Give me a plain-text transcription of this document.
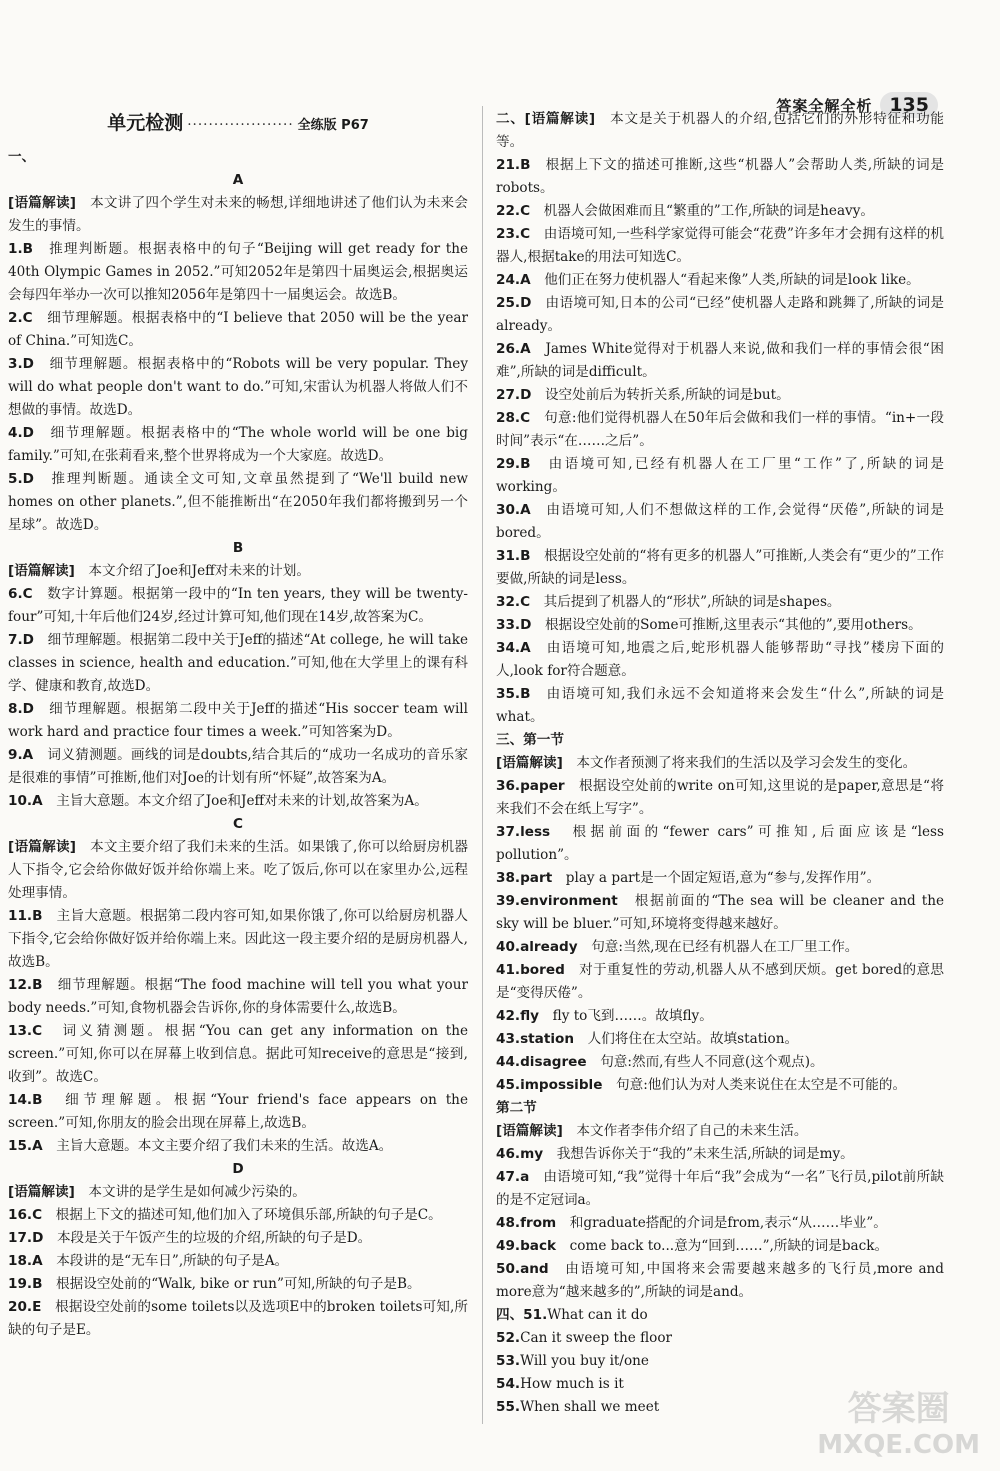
答案全解全析 135
单元检测 ···················· 全练版 P67
一、
A
[语篇解读]　本文讲了四个学生对未来的畅想,详细地讲述了他们认为未来会发生的事情。
1.B　推理判断题。根据表格中的句子“Beijing will get ready for the 40th Olympic Games in 2052.”可知2052年是第四十届奥运会,根据奥运会每四年举办一次可以推知2056年是第四十一届奥运会。故选B。
2.C　细节理解题。根据表格中的“I believe that 2050 will be the year of China.”可知选C。
3.D　细节理解题。根据表格中的“Robots will be very popular. They will do what people don't want to do.”可知,宋雷认为机器人将做人们不想做的事情。故选D。
4.D　细节理解题。根据表格中的“The whole world will be one big family.”可知,在张莉看来,整个世界将成为一个大家庭。故选D。
5.D　推理判断题。通读全文可知,文章虽然提到了“We'll build new homes on other planets.”,但不能推断出“在2050年我们都将搬到另一个星球”。故选D。
B
[语篇解读]　本文介绍了Joe和Jeff对未来的计划。
6.C　数字计算题。根据第一段中的“In ten years, they will be twenty-four”可知,十年后他们24岁,经过计算可知,他们现在14岁,故答案为C。
7.D　细节理解题。根据第二段中关于Jeff的描述“At college, he will take classes in science, health and education.”可知,他在大学里上的课有科学、健康和教育,故选D。
8.D　细节理解题。根据第二段中关于Jeff的描述“His soccer team will work hard and practice four times a week.”可知答案为D。
9.A　词义猜测题。画线的词是doubts,结合其后的“成功一名成功的音乐家是很难的事情”可推断,他们对Joe的计划有所“怀疑”,故答案为A。
10.A　主旨大意题。本文介绍了Joe和Jeff对未来的计划,故答案为A。
C
[语篇解读]　本文主要介绍了我们未来的生活。如果饿了,你可以给厨房机器人下指令,它会给你做好饭并给你端上来。吃了饭后,你可以在家里办公,远程处理事情。
11.B　主旨大意题。根据第二段内容可知,如果你饿了,你可以给厨房机器人下指令,它会给你做好饭并给你端上来。因此这一段主要介绍的是厨房机器人,故选B。
12.B　细节理解题。根据“The food machine will tell you what your body needs.”可知,食物机器会告诉你,你的身体需要什么,故选B。
13.C　词义猜测题。根据“You can get any information on the screen.”可知,你可以在屏幕上收到信息。据此可知receive的意思是“接到,收到”。故选C。
14.B　细节理解题。根据“Your friend's face appears on the screen.”可知,你朋友的脸会出现在屏幕上,故选B。
15.A　主旨大意题。本文主要介绍了我们未来的生活。故选A。
D
[语篇解读]　本文讲的是学生是如何减少污染的。
16.C　根据上下文的描述可知,他们加入了环境俱乐部,所缺的句子是C。
17.D　本段是关于午饭产生的垃圾的介绍,所缺的句子是D。
18.A　本段讲的是“无车日”,所缺的句子是A。
19.B　根据设空处前的“Walk, bike or run”可知,所缺的句子是B。
20.E　根据设空处前的some toilets以及选项E中的broken toilets可知,所缺的句子是E。
二、[语篇解读]　本文是关于机器人的介绍,包括它们的外形特征和功能等。
21.B　根据上下文的描述可推断,这些“机器人”会帮助人类,所缺的词是robots。
22.C　机器人会做困难而且“繁重的”工作,所缺的词是heavy。
23.C　由语境可知,一些科学家觉得可能会“花费”许多年才会拥有这样的机器人,根据take的用法可知选C。
24.A　他们正在努力使机器人“看起来像”人类,所缺的词是look like。
25.D　由语境可知,日本的公司“已经”使机器人走路和跳舞了,所缺的词是already。
26.A　James White觉得对于机器人来说,做和我们一样的事情会很“困难”,所缺的词是difficult。
27.D　设空处前后为转折关系,所缺的词是but。
28.C　句意:他们觉得机器人在50年后会做和我们一样的事情。“in+一段时间”表示“在……之后”。
29.B　由语境可知,已经有机器人在工厂里“工作”了,所缺的词是working。
30.A　由语境可知,人们不想做这样的工作,会觉得“厌倦”,所缺的词是bored。
31.B　根据设空处前的“将有更多的机器人”可推断,人类会有“更少的”工作要做,所缺的词是less。
32.C　其后提到了机器人的“形状”,所缺的词是shapes。
33.D　根据设空处前的Some可推断,这里表示“其他的”,要用others。
34.A　由语境可知,地震之后,蛇形机器人能够帮助“寻找”楼房下面的人,look for符合题意。
35.B　由语境可知,我们永远不会知道将来会发生“什么”,所缺的词是what。
三、第一节
[语篇解读]　本文作者预测了将来我们的生活以及学习会发生的变化。
36.paper　根据设空处前的write on可知,这里说的是paper,意思是“将来我们不会在纸上写字”。
37.less　根据前面的“fewer cars”可推知,后面应该是“less pollution”。
38.part　play a part是一个固定短语,意为“参与,发挥作用”。
39.environment　根据前面的“The sea will be cleaner and the sky will be bluer.”可知,环境将变得越来越好。
40.already　句意:当然,现在已经有机器人在工厂里工作。
41.bored　对于重复性的劳动,机器人从不感到厌烦。get bored的意思是“变得厌倦”。
42.fly　fly to飞到……。故填fly。
43.station　人们将住在太空站。故填station。
44.disagree　句意:然而,有些人不同意(这个观点)。
45.impossible　句意:他们认为对人类来说住在太空是不可能的。
第二节
[语篇解读]　本文作者李伟介绍了自己的未来生活。
46.my　我想告诉你关于“我的”未来生活,所缺的词是my。
47.a　由语境可知,“我”觉得十年后“我”会成为“一名”飞行员,pilot前所缺的是不定冠词a。
48.from　和graduate搭配的介词是from,表示“从……毕业”。
49.back　come back to...意为“回到……”,所缺的词是back。
50.and　由语境可知,中国将来会需要越来越多的飞行员,more and more意为“越来越多的”,所缺的词是and。
四、51.What can it do
52.Can it sweep the floor
53.Will you buy it/one
54.How much is it
55.When shall we meet	答案圈
MXQE.COM
